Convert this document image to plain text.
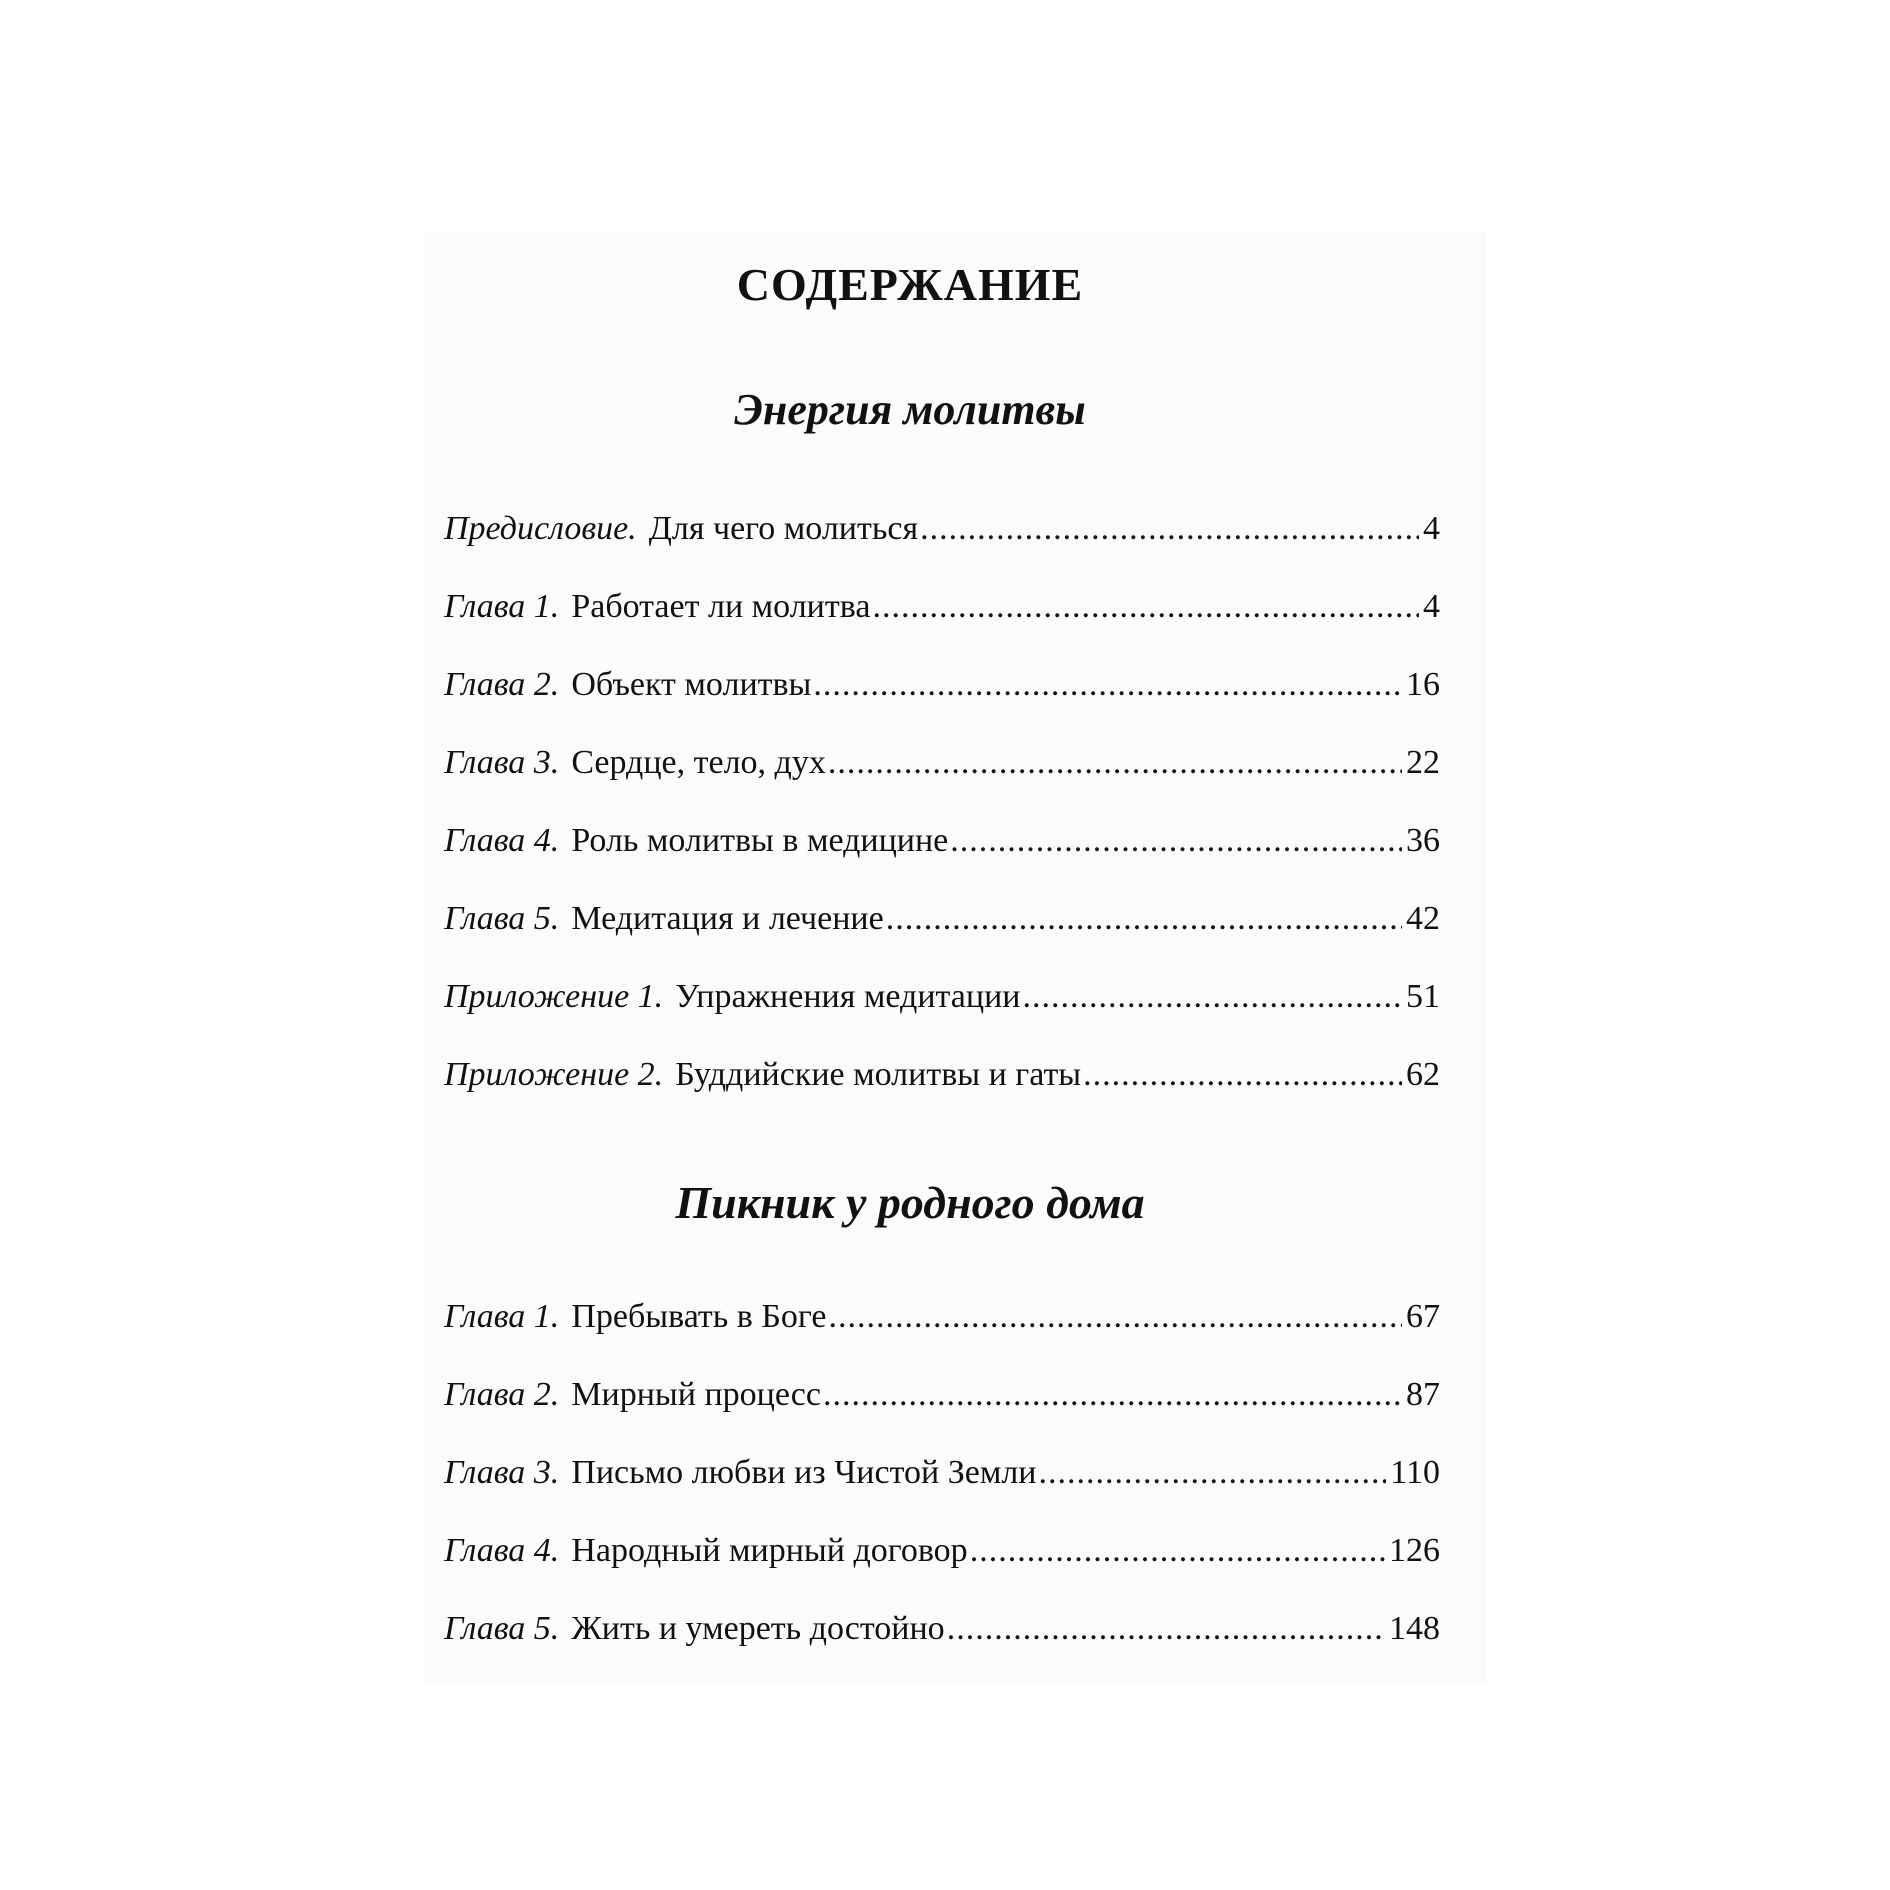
СОДЕРЖАНИЕ
Энергия молитвы
Предисловие. Для чего молиться .....	4
Глава 1. Работает ли молитва .....	4
Глава 2. Объект молитвы .....	16
Глава 3. Сердце, тело, дух .....	22
Глава 4. Роль молитвы в медицине .....	36
Глава 5. Медитация и лечение .....	42
Приложение 1. Упражнения медитации .....	51
Приложение 2. Буддийские молитвы и гаты .....	62
Пикник у родного дома
Глава 1. Пребывать в Боге .....	67
Глава 2. Мирный процесс .....	87
Глава 3. Письмо любви из Чистой Земли .....	110
Глава 4. Народный мирный договор .....	126
Глава 5. Жить и умереть достойно .....	148
